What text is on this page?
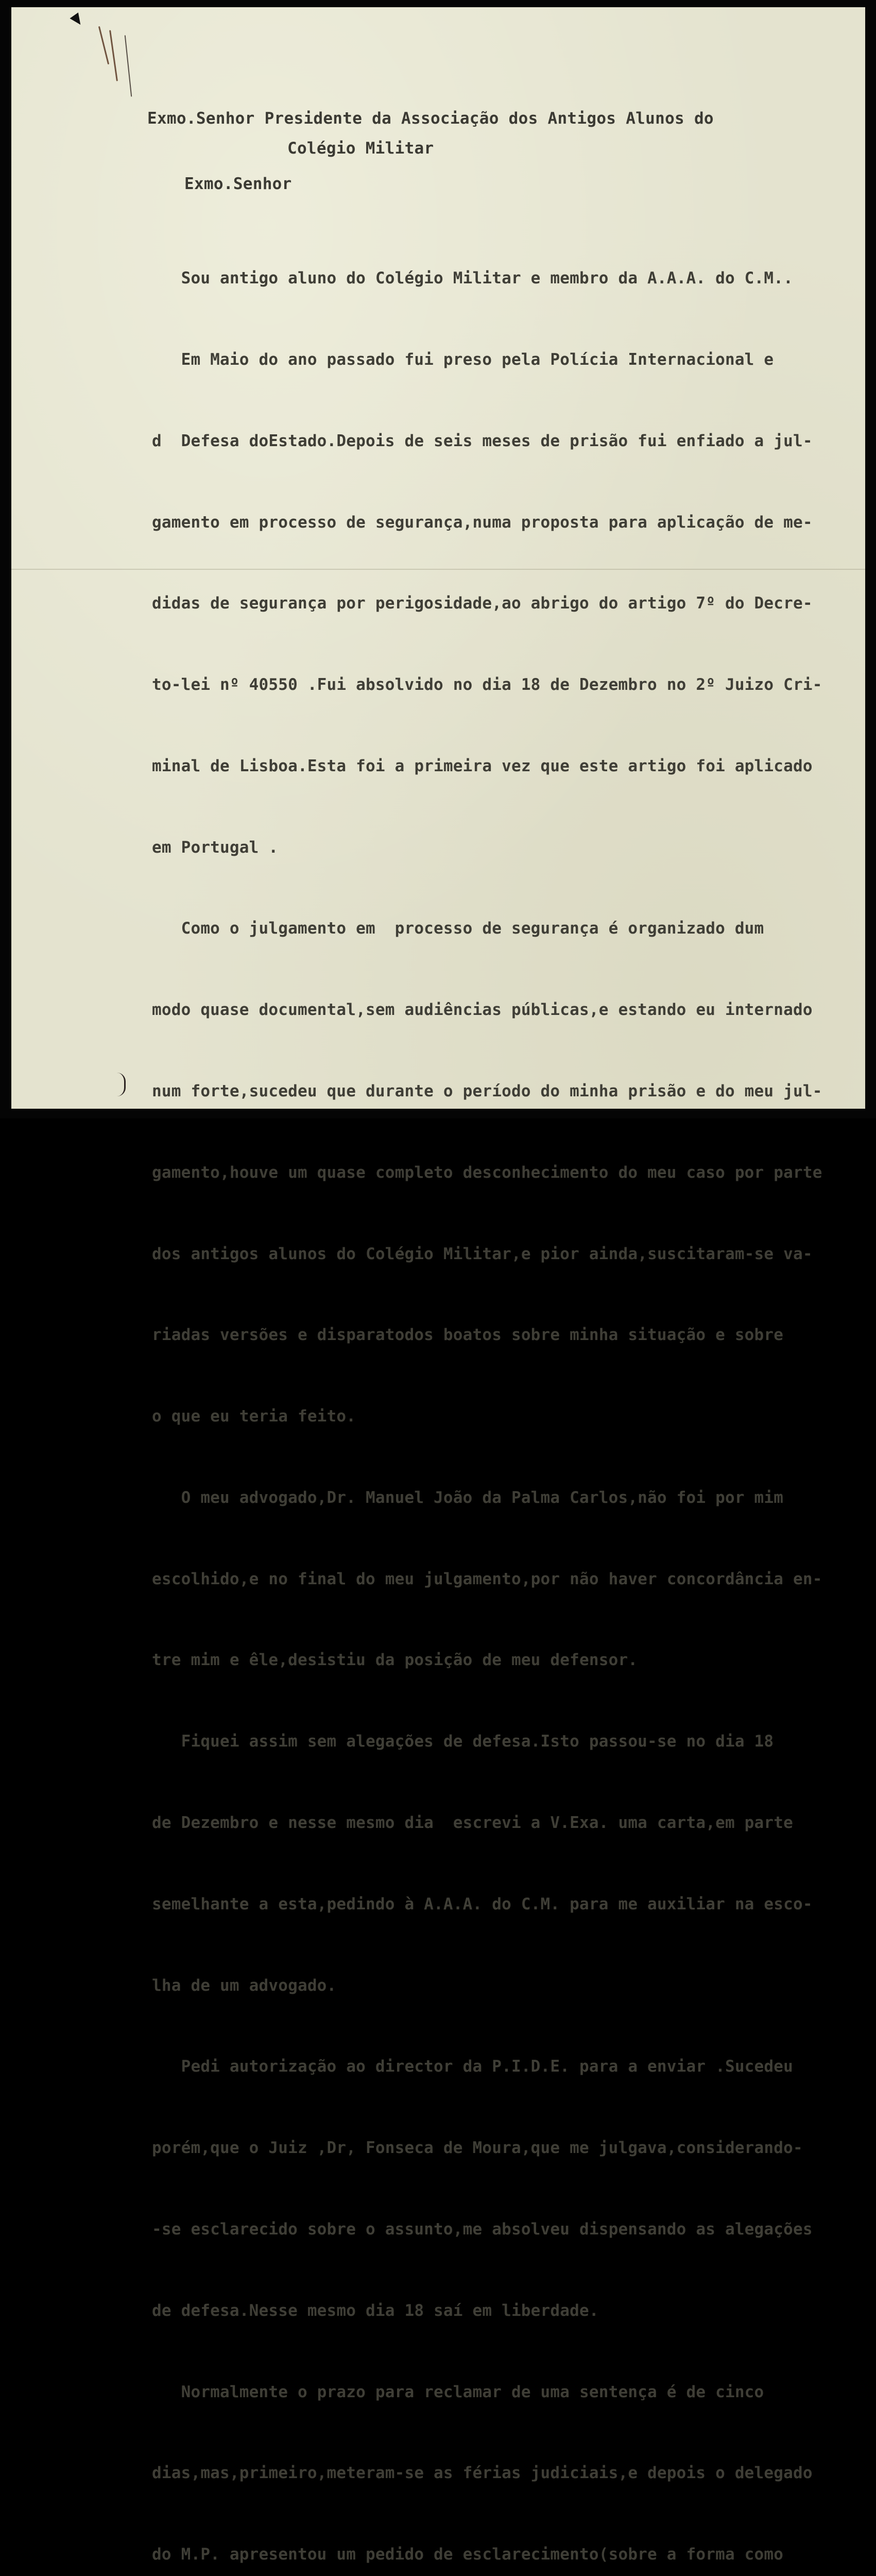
Exmo.Senhor Presidente da Associação dos Antigos Alunos do
Colégio Militar
Exmo.Senhor

Sou antigo aluno do Colégio Militar e membro da A.A.A. do C.M..

Em Maio do ano passado fui preso pela Polícia Internacional e

d  Defesa doEstado.Depois de seis meses de prisão fui enfiado a jul-

gamento em processo de segurança,numa proposta para aplicação de me-

didas de segurança por perigosidade,ao abrigo do artigo 7º do Decre-

to-lei nº 40550 .Fui absolvido no dia 18 de Dezembro no 2º Juizo Cri-

minal de Lisboa.Esta foi a primeira vez que este artigo foi aplicado

em Portugal .

Como o julgamento em  processo de segurança é organizado dum

modo quase documental,sem audiências públicas,e estando eu internado

num forte,sucedeu que durante o período do minha prisão e do meu jul-

gamento,houve um quase completo desconhecimento do meu caso por parte

dos antigos alunos do Colégio Militar,e pior ainda,suscitaram-se va-

riadas versões e disparatodos boatos sobre minha situação e sobre

o que eu teria feito.

O meu advogado,Dr. Manuel João da Palma Carlos,não foi por mim

escolhido,e no final do meu julgamento,por não haver concordância en-

tre mim e êle,desistiu da posição de meu defensor.

Fiquei assim sem alegações de defesa.Isto passou-se no dia 18

de Dezembro e nesse mesmo dia  escrevi a V.Exa. uma carta,em parte

semelhante a esta,pedindo à A.A.A. do C.M. para me auxiliar na esco-

lha de um advogado.

Pedi autorização ao director da P.I.D.E. para a enviar .Sucedeu

porém,que o Juiz ,Dr, Fonseca de Moura,que me julgava,considerando-

-se esclarecido sobre o assunto,me absolveu dispensando as alegações

de defesa.Nesse mesmo dia 18 saí em liberdade.

Normalmente o prazo para reclamar de uma sentença é de cinco

dias,mas,primeiro,meteram-se as férias judiciais,e depois o delegado

do M.P. apresentou um pedido de esclarecimento(sobre a forma como
